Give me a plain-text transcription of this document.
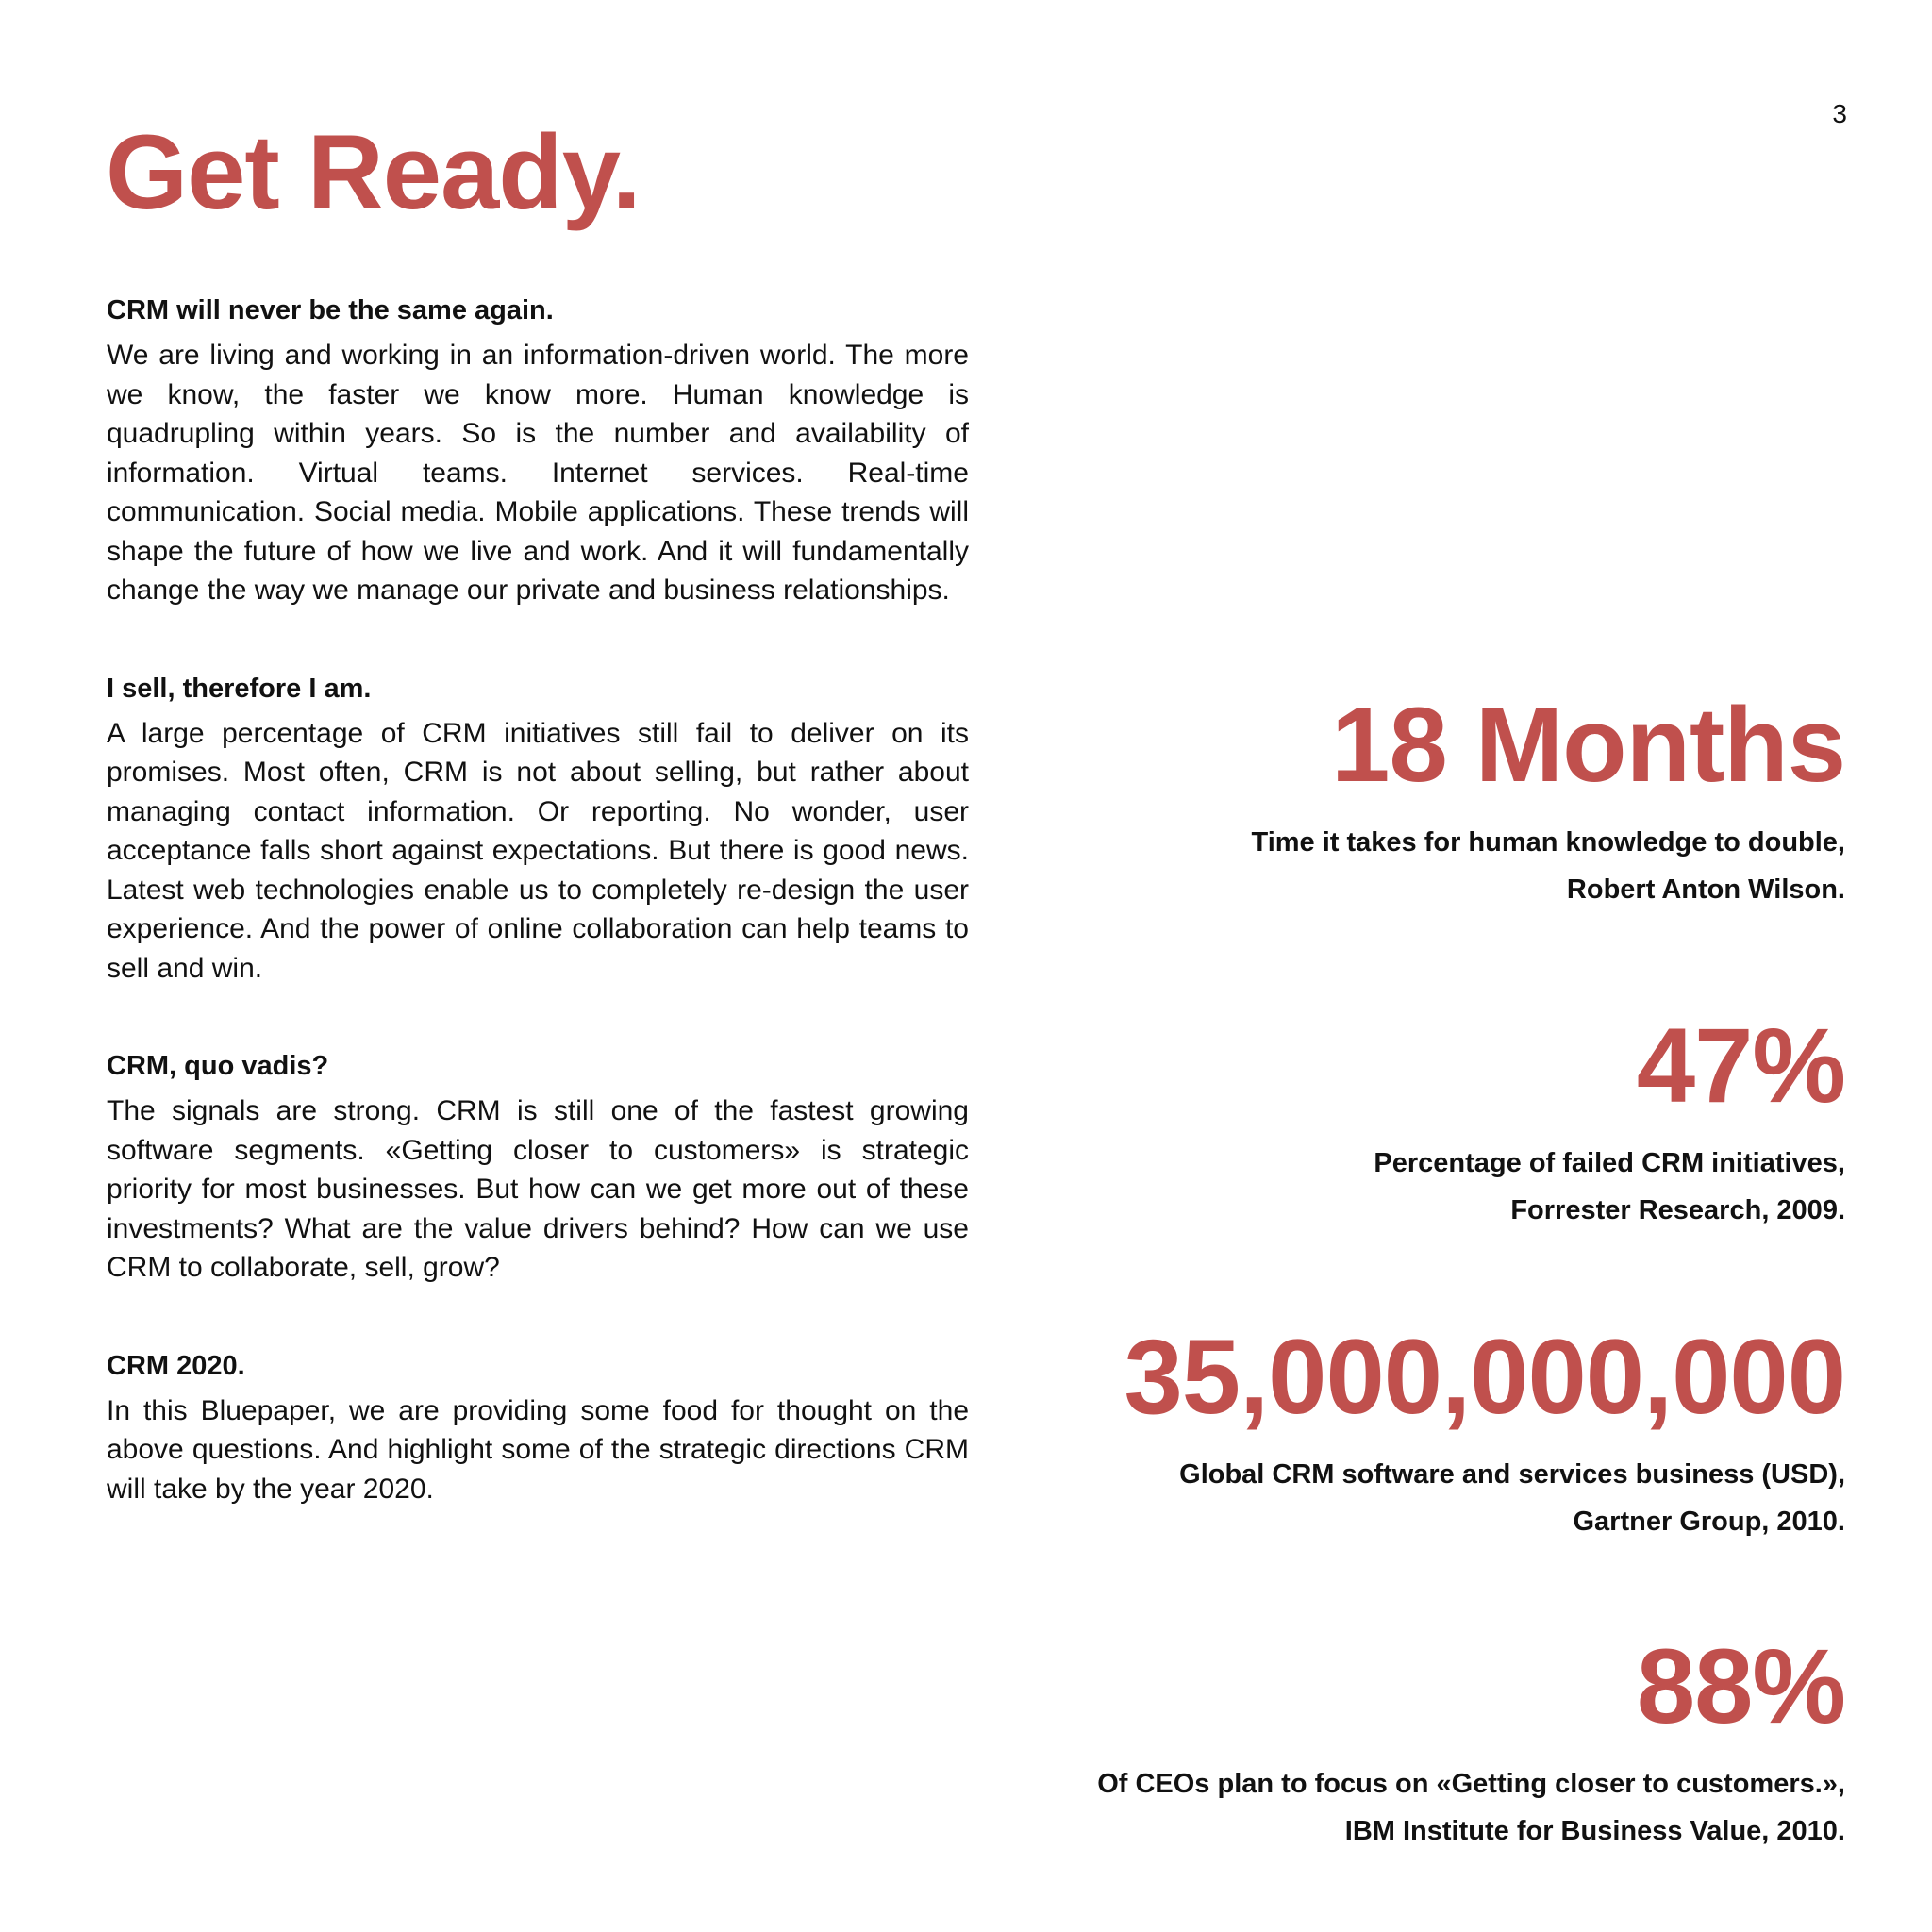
3
Get Ready.
CRM will never be the same again.

We are living and working in an information-driven world. The more we know, the faster we know more. Human knowledge is quadrupling within years. So is the number and availability of information. Virtual teams. Internet services. Real-time communication. Social media. Mobile applications. These trends will shape the future of how we live and work. And it will fundamentally change the way we manage our private and business relationships.

I sell, therefore I am.

A large percentage of CRM initiatives still fail to deliver on its promises. Most often, CRM is not about selling, but rather about managing contact information. Or reporting. No wonder, user acceptance falls short against expectations. But there is good news. Latest web technologies enable us to completely re-design the user experience. And the power of online collaboration can help teams to sell and win.

CRM, quo vadis?

The signals are strong. CRM is still one of the fastest growing software segments. «Getting closer to customers» is strategic priority for most businesses. But how can we get more out of these investments? What are the value drivers behind? How can we use CRM to collaborate, sell, grow?

CRM 2020.

In this Bluepaper, we are providing some food for thought on the above questions. And highlight some of the strategic directions CRM will take by the year 2020.

18 Months
Time it takes for human knowledge to double,
Robert Anton Wilson.
47%
Percentage of failed CRM initiatives,
Forrester Research, 2009.
35,000,000,000
Global CRM software and services business (USD),
Gartner Group, 2010.
88%
Of CEOs plan to focus on «Getting closer to customers.»,
IBM Institute for Business Value, 2010.
